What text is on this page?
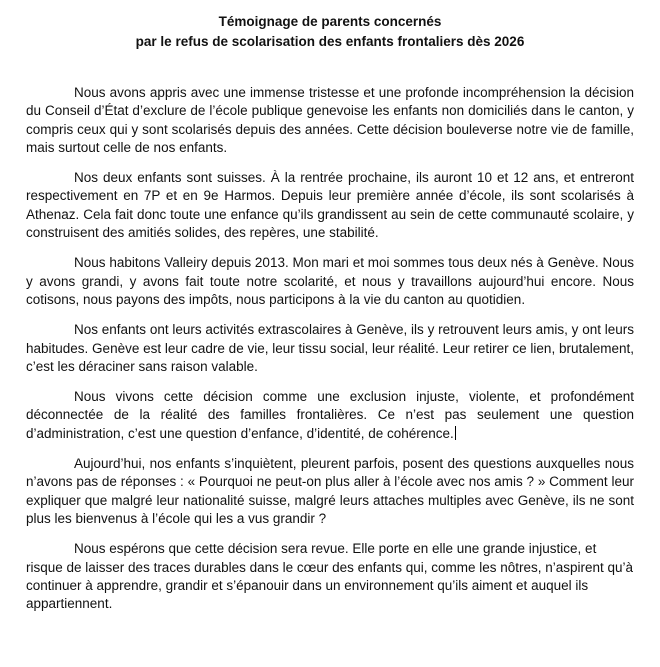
Témoignage de parents concernés
par le refus de scolarisation des enfants frontaliers dès 2026

Nous avons appris avec une immense tristesse et une profonde incompréhension la décision du Conseil d’État d’exclure de l’école publique genevoise les enfants non domiciliés dans le canton, y compris ceux qui y sont scolarisés depuis des années. Cette décision bouleverse notre vie de famille, mais surtout celle de nos enfants.

Nos deux enfants sont suisses. À la rentrée prochaine, ils auront 10 et 12 ans, et entreront respectivement en 7P et en 9e Harmos. Depuis leur première année d’école, ils sont scolarisés à Athenaz. Cela fait donc toute une enfance qu’ils grandissent au sein de cette communauté scolaire, y construisent des amitiés solides, des repères, une stabilité.

Nous habitons Valleiry depuis 2013. Mon mari et moi sommes tous deux nés à Genève. Nous y avons grandi, y avons fait toute notre scolarité, et nous y travaillons aujourd’hui encore. Nous cotisons, nous payons des impôts, nous participons à la vie du canton au quotidien.

Nos enfants ont leurs activités extrascolaires à Genève, ils y retrouvent leurs amis, y ont leurs habitudes. Genève est leur cadre de vie, leur tissu social, leur réalité. Leur retirer ce lien, brutalement, c’est les déraciner sans raison valable.

Nous vivons cette décision comme une exclusion injuste, violente, et profondément déconnectée de la réalité des familles frontalières. Ce n’est pas seulement une question d’administration, c’est une question d’enfance, d’identité, de cohérence.

Aujourd’hui, nos enfants s’inquiètent, pleurent parfois, posent des questions auxquelles nous n’avons pas de réponses : « Pourquoi ne peut-on plus aller à l’école avec nos amis ? » Comment leur expliquer que malgré leur nationalité suisse, malgré leurs attaches multiples avec Genève, ils ne sont plus les bienvenus à l’école qui les a vus grandir ?

Nous espérons que cette décision sera revue. Elle porte en elle une grande injustice, et risque de laisser des traces durables dans le cœur des enfants qui, comme les nôtres, n’aspirent qu’à continuer à apprendre, grandir et s’épanouir dans un environnement qu’ils aiment et auquel ils appartiennent.
